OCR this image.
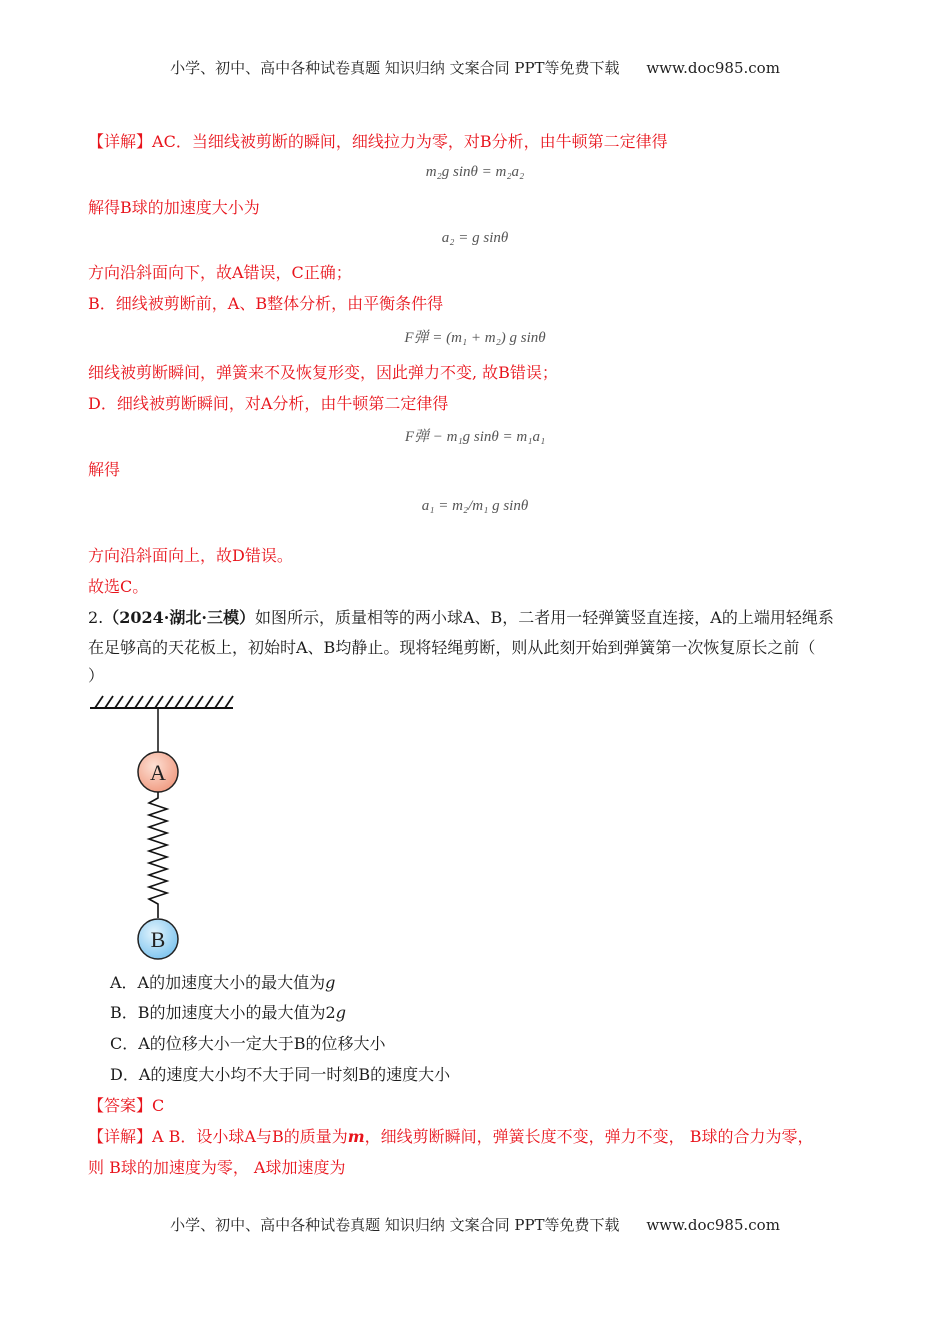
小学、初中、高中各种试卷真题 知识归纳 文案合同 PPT等免费下载 www.doc985.com
【详解】AC．当细线被剪断的瞬间，细线拉力为零，对B分析，由牛顿第二定律得
m₂g sinθ = m₂a₂
解得B球的加速度大小为
a₂ = g sinθ
方向沿斜面向下，故A错误，C正确；
B．细线被剪断前，A、B整体分析，由平衡条件得
F弹 = (m₁ + m₂) g sinθ
细线被剪断瞬间，弹簧来不及恢复形变，因此弹力不变, 故B错误；
D．细线被剪断瞬间，对A分析，由牛顿第二定律得
F弹 − m₁g sinθ = m₁a₁
解得
a₁ = m₂/m₁ g sinθ
方向沿斜面向上，故D错误。
故选C。
2.（2024·湖北·三模）如图所示，质量相等的两小球A、B，二者用一轻弹簧竖直连接，A的上端用轻绳系
在足够高的天花板上，初始时A、B均静止。现将轻绳剪断，则从此刻开始到弹簧第一次恢复原长之前（
）
A
B
A．A的加速度大小的最大值为g
B．B的加速度大小的最大值为2g
C．A的位移大小一定大于B的位移大小
D．A的速度大小均不大于同一时刻B的速度大小
【答案】C
【详解】A B．设小球A与B的质量为m，细线剪断瞬间，弹簧长度不变，弹力不变， B球的合力为零，
则 B球的加速度为零， A球加速度为
小学、初中、高中各种试卷真题 知识归纳 文案合同 PPT等免费下载 www.doc985.com
